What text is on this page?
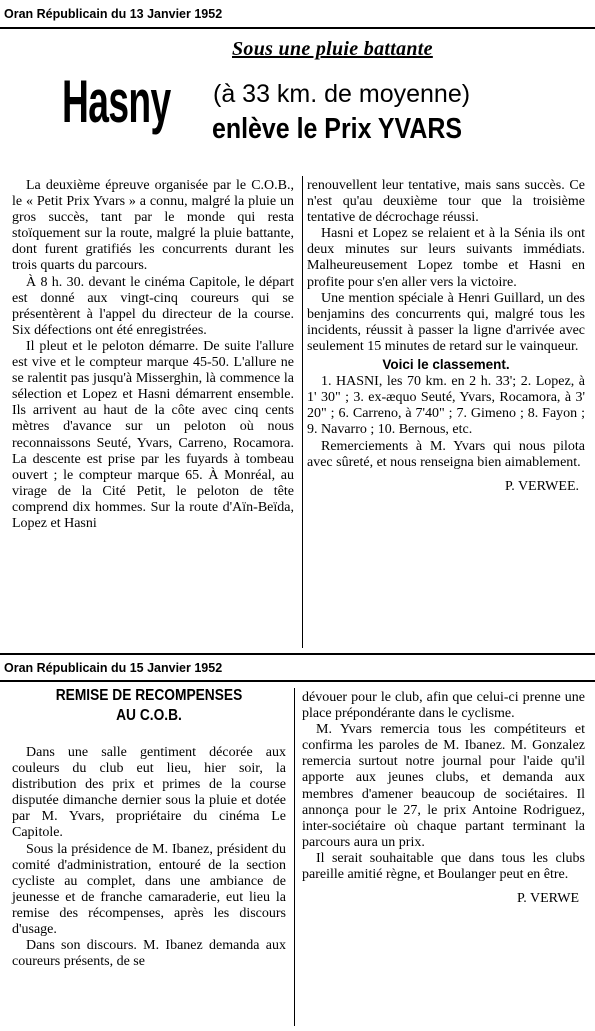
Oran Républicain du 13 Janvier 1952
Sous une pluie battante
Hasny (à 33 km. de moyenne)
enlève le Prix YVARS

La deuxième épreuve organisée par le C.O.B., le « Petit Prix Yvars » a connu, malgré la pluie un gros succès, tant par le monde qui resta stoïquement sur la route, malgré la pluie battante, dont furent gratifiés les concurrents durant les trois quarts du parcours.

À 8 h. 30. devant le cinéma Capitole, le départ est donné aux vingt-cinq coureurs qui se présentèrent à l'appel du directeur de la course. Six défections ont été enregistrées.

Il pleut et le peloton démarre. De suite l'allure est vive et le compteur marque 45-50. L'allure ne se ralentit pas jusqu'à Misserghin, là commence la sélection et Lopez et Hasni démarrent ensemble. Ils arrivent au haut de la côte avec cinq cents mètres d'avance sur un peloton où nous reconnaissons Seuté, Yvars, Carreno, Rocamora. La descente est prise par les fuyards à tombeau ouvert ; le compteur marque 65. À Monréal, au virage de la Cité Petit, le peloton de tête comprend dix hommes. Sur la route d'Aïn-Beïda, Lopez et Hasni

renouvellent leur tentative, mais sans succès. Ce n'est qu'au deuxième tour que la troisième tentative de décrochage réussi.

Hasni et Lopez se relaient et à la Sénia ils ont deux minutes sur leurs suivants immédiats. Malheureusement Lopez tombe et Hasni en profite pour s'en aller vers la victoire.

Une mention spéciale à Henri Guillard, un des benjamins des concurrents qui, malgré tous les incidents, réussit à passer la ligne d'arrivée avec seulement 15 minutes de retard sur le vainqueur.

Voici le classement.

1. HASNI, les 70 km. en 2 h. 33'; 2. Lopez, à 1' 30" ; 3. ex-æquo Seuté, Yvars, Rocamora, à 3' 20" ; 6. Carreno, à 7'40" ; 7. Gimeno ; 8. Fayon ; 9. Navarro ; 10. Bernous, etc.

Remerciements à M. Yvars qui nous pilota avec sûreté, et nous renseigna bien aimablement.

P. VERWEE.

Oran Républicain du 15 Janvier 1952
REMISE DE RECOMPENSES
AU C.O.B.

Dans une salle gentiment décorée aux couleurs du club eut lieu, hier soir, la distribution des prix et primes de la course disputée dimanche dernier sous la pluie et dotée par M. Yvars, propriétaire du cinéma Le Capitole.

Sous la présidence de M. Ibanez, président du comité d'administration, entouré de la section cycliste au complet, dans une ambiance de jeunesse et de franche camaraderie, eut lieu la remise des récompenses, après les discours d'usage.

Dans son discours. M. Ibanez demanda aux coureurs présents, de se

dévouer pour le club, afin que celui-ci prenne une place prépondérante dans le cyclisme.

M. Yvars remercia tous les compétiteurs et confirma les paroles de M. Ibanez. M. Gonzalez remercia surtout notre journal pour l'aide qu'il apporte aux jeunes clubs, et demanda aux membres d'amener beaucoup de sociétaires. Il annonça pour le 27, le prix Antoine Rodriguez, inter-sociétaire où chaque partant terminant la parcours aura un prix.

Il serait souhaitable que dans tous les clubs pareille amitié règne, et Boulanger peut en être.

P. VERWE
